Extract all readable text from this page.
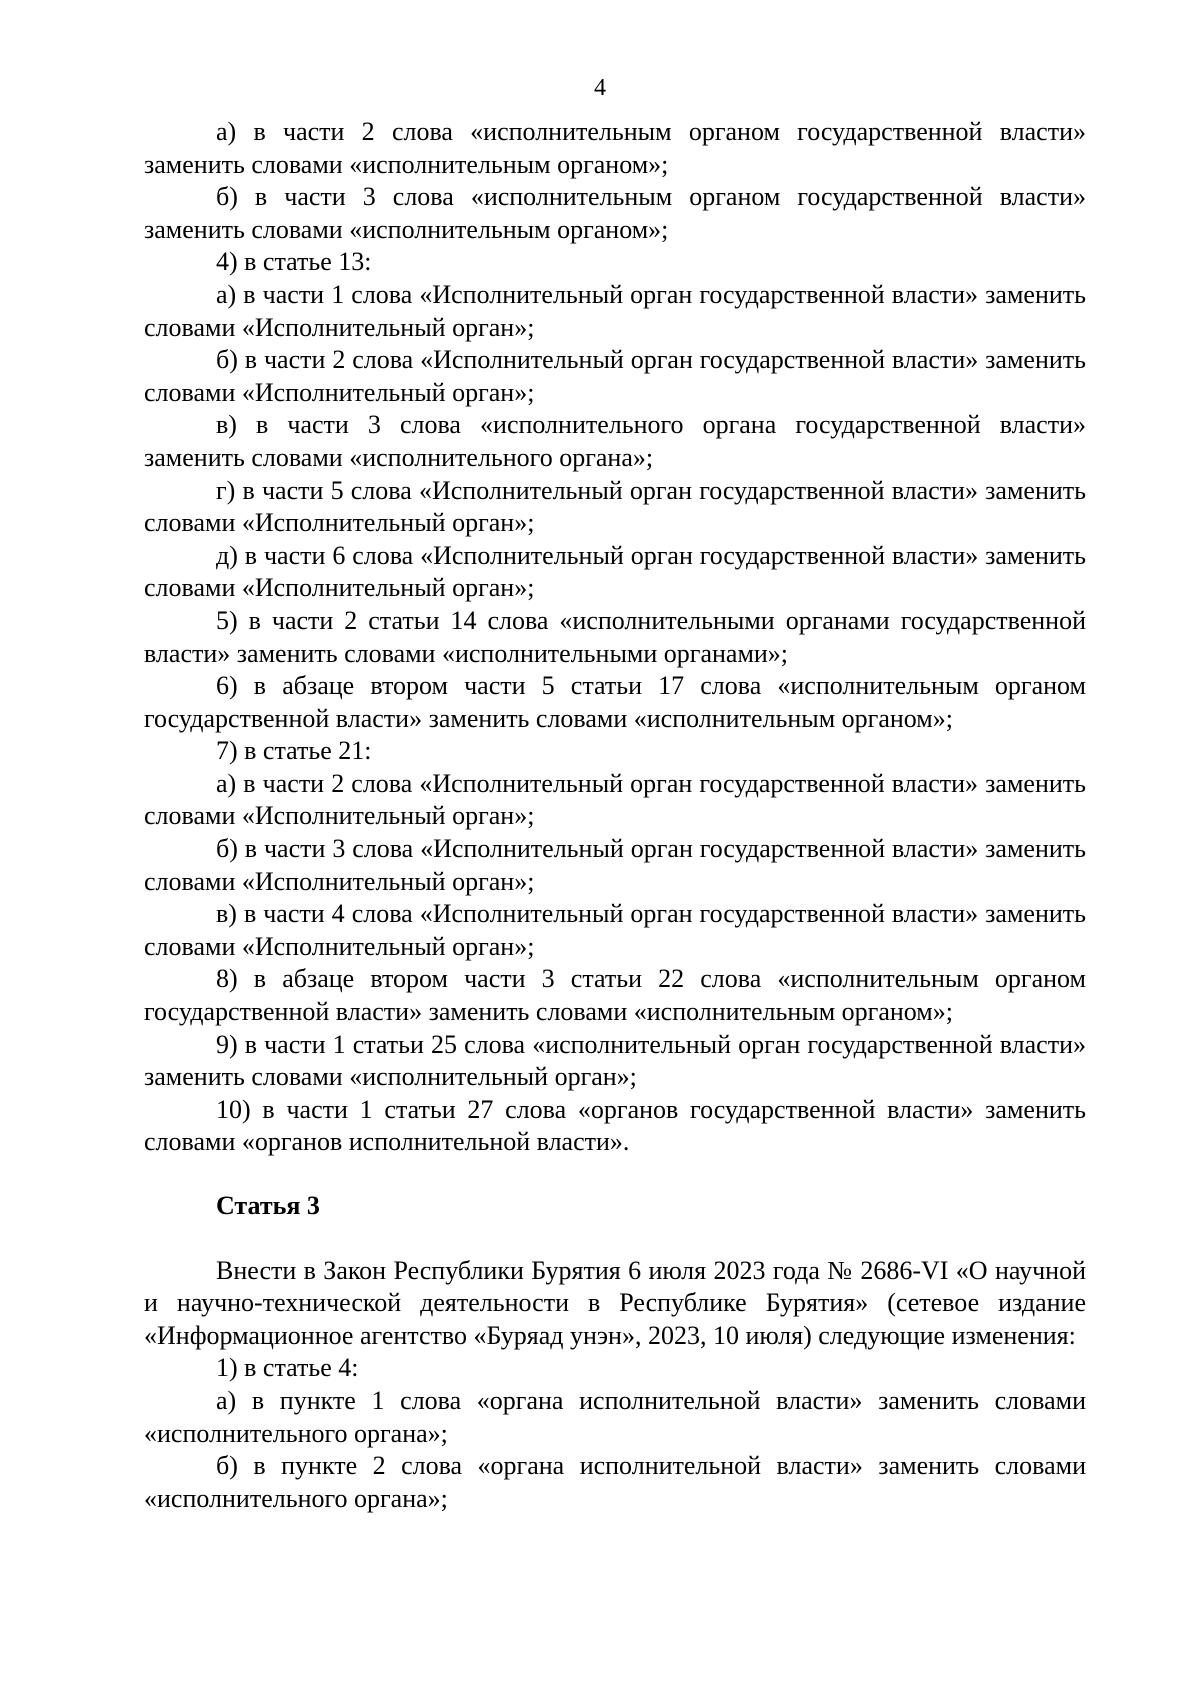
4

а) в части 2 слова «исполнительным органом государственной власти» заменить словами «исполнительным органом»;

б) в части 3 слова «исполнительным органом государственной власти» заменить словами «исполнительным органом»;

4) в статье 13:

а) в части 1 слова «Исполнительный орган государственной власти» заменить словами «Исполнительный орган»;

б) в части 2 слова «Исполнительный орган государственной власти» заменить словами «Исполнительный орган»;

в) в части 3 слова «исполнительного органа государственной власти» заменить словами «исполнительного органа»;

г) в части 5 слова «Исполнительный орган государственной власти» заменить словами «Исполнительный орган»;

д) в части 6 слова «Исполнительный орган государственной власти» заменить словами «Исполнительный орган»;

5) в части 2 статьи 14 слова «исполнительными органами государственной власти» заменить словами «исполнительными органами»;

6) в абзаце втором части 5 статьи 17 слова «исполнительным органом государственной власти» заменить словами «исполнительным органом»;

7) в статье 21:

а) в части 2 слова «Исполнительный орган государственной власти» заменить словами «Исполнительный орган»;

б) в части 3 слова «Исполнительный орган государственной власти» заменить словами «Исполнительный орган»;

в) в части 4 слова «Исполнительный орган государственной власти» заменить словами «Исполнительный орган»;

8) в абзаце втором части 3 статьи 22 слова «исполнительным органом государственной власти» заменить словами «исполнительным органом»;

9) в части 1 статьи 25 слова «исполнительный орган государственной власти» заменить словами «исполнительный орган»;

10) в части 1 статьи 27 слова «органов государственной власти» заменить словами «органов исполнительной власти».

Статья 3

Внести в Закон Республики Бурятия 6 июля 2023 года № 2686-VI «О научной и научно-технической деятельности в Республике Бурятия» (сетевое издание «Информационное агентство «Буряад унэн», 2023, 10 июля) следующие изменения:

1) в статье 4:

а) в пункте 1 слова «органа исполнительной власти» заменить словами «исполнительного органа»;

б) в пункте 2 слова «органа исполнительной власти» заменить словами «исполнительного органа»;
